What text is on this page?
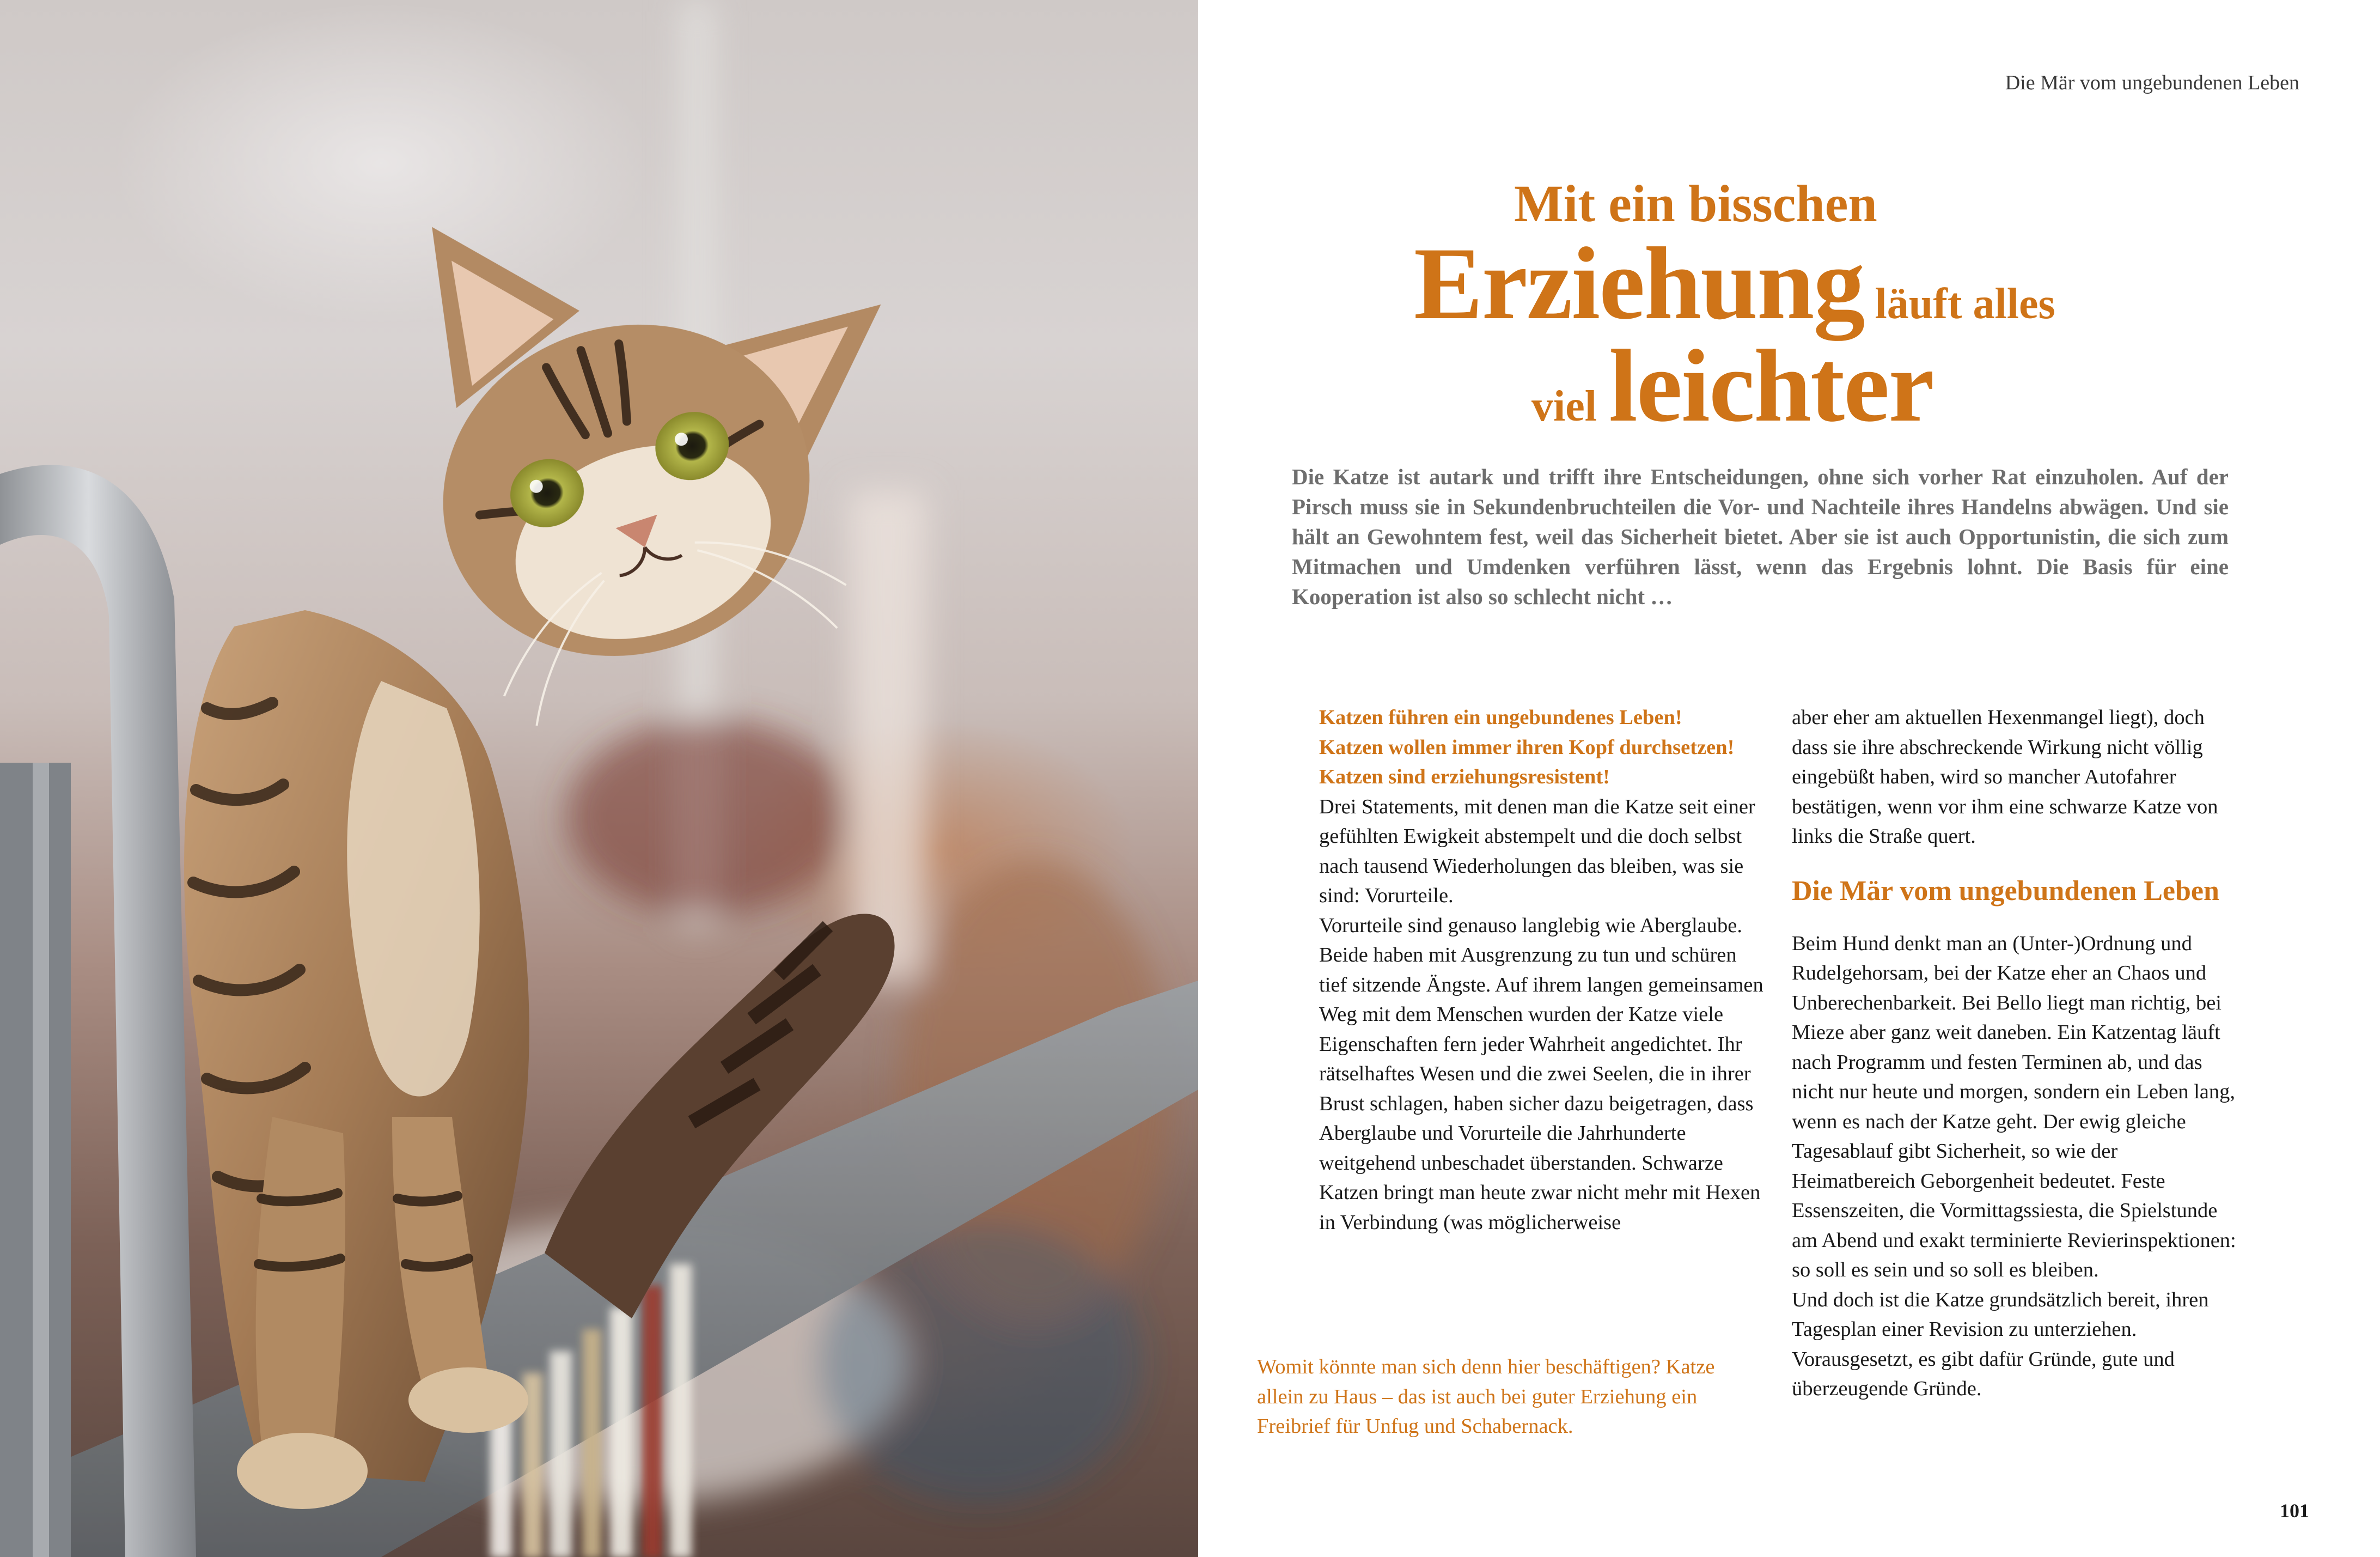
Die Mär vom ungebundenen Leben
Mit ein bisschen
Erziehung läuft alles
viel leichter
Die Katze ist autark und trifft ihre Entscheidungen, ohne sich vorher Rat einzuholen. Auf der Pirsch muss sie in Sekundenbruchteilen die Vor- und Nachteile ihres Handelns abwägen. Und sie hält an Gewohntem fest, weil das Sicherheit bietet. Aber sie ist auch Opportunistin, die sich zum Mitmachen und Umdenken verführen lässt, wenn das Ergebnis lohnt. Die Basis für eine Kooperation ist also so schlecht nicht …
Katzen führen ein ungebundenes Leben!
Katzen wollen immer ihren Kopf durchsetzen!
Katzen sind erziehungsresistent!

Drei Statements, mit denen man die Katze seit einer gefühlten Ewigkeit abstempelt und die doch selbst nach tausend Wiederholungen das bleiben, was sie sind: Vorurteile.

Vorurteile sind genauso langlebig wie Aberglaube. Beide haben mit Ausgrenzung zu tun und schüren tief sitzende Ängste. Auf ihrem langen gemeinsamen Weg mit dem Menschen wurden der Katze viele Eigenschaften fern jeder Wahrheit angedichtet. Ihr rätselhaftes Wesen und die zwei Seelen, die in ihrer Brust schlagen, haben sicher dazu beigetragen, dass Aberglaube und Vorurteile die Jahrhunderte weitgehend unbeschadet überstanden. Schwarze Katzen bringt man heute zwar nicht mehr mit Hexen in Verbindung (was möglicherweise

aber eher am aktuellen Hexenmangel liegt), doch dass sie ihre abschreckende Wirkung nicht völlig eingebüßt haben, wird so mancher Autofahrer bestätigen, wenn vor ihm eine schwarze Katze von links die Straße quert.

Die Mär vom ungebundenen Leben

Beim Hund denkt man an (Unter-)Ordnung und Rudelgehorsam, bei der Katze eher an Chaos und Unberechenbarkeit. Bei Bello liegt man richtig, bei Mieze aber ganz weit daneben. Ein Katzentag läuft nach Programm und festen Terminen ab, und das nicht nur heute und morgen, sondern ein Leben lang, wenn es nach der Katze geht. Der ewig gleiche Tagesablauf gibt Sicherheit, so wie der Heimatbereich Geborgenheit bedeutet. Feste Essenszeiten, die Vormittagssiesta, die Spielstunde am Abend und exakt terminierte Revierinspektionen: so soll es sein und so soll es bleiben.

Und doch ist die Katze grundsätzlich bereit, ihren Tagesplan einer Revision zu unterziehen. Vorausgesetzt, es gibt dafür Gründe, gute und überzeugende Gründe.

Womit könnte man sich denn hier beschäftigen? Katze allein zu Haus – das ist auch bei guter Erziehung ein Freibrief für Unfug und Schabernack.
101
